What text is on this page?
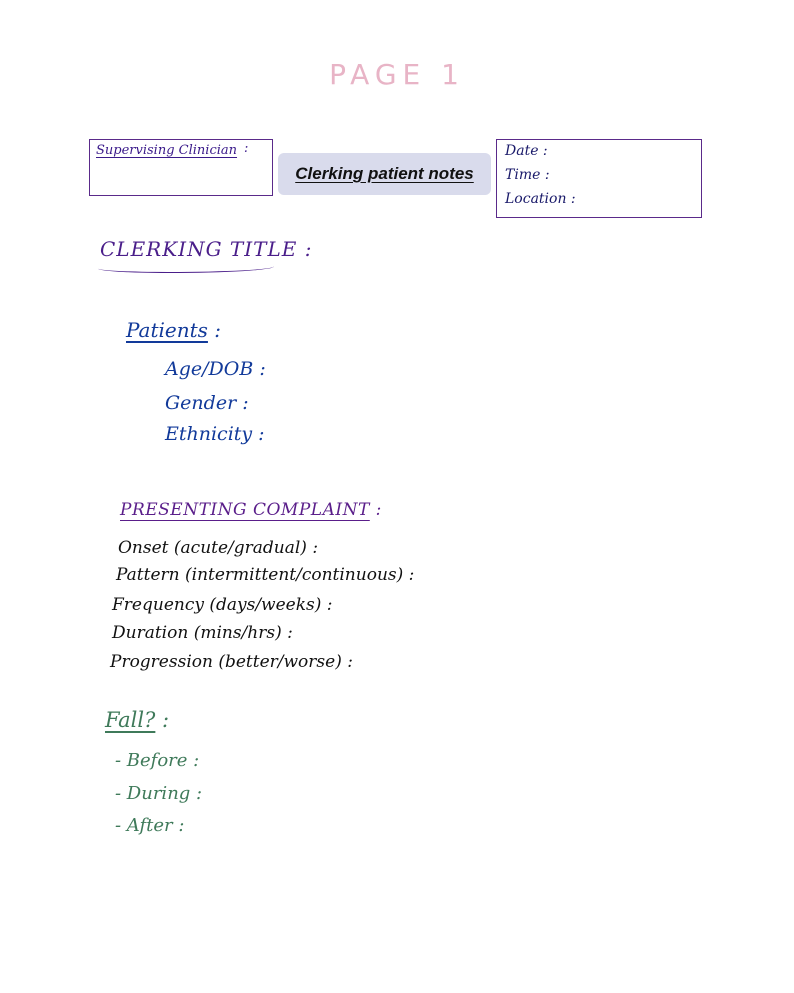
PAGE 1
Supervising Clinician :
Clerking patient notes
Date :
Time :
Location :
CLERKING TITLE :
Patients :
Age/DOB :
Gender :
Ethnicity :
PRESENTING COMPLAINT :
Onset (acute/gradual) :
Pattern (intermittent/continuous) :
Frequency (days/weeks) :
Duration (mins/hrs) :
Progression (better/worse) :
Fall? :
- Before :
- During :
- After :
